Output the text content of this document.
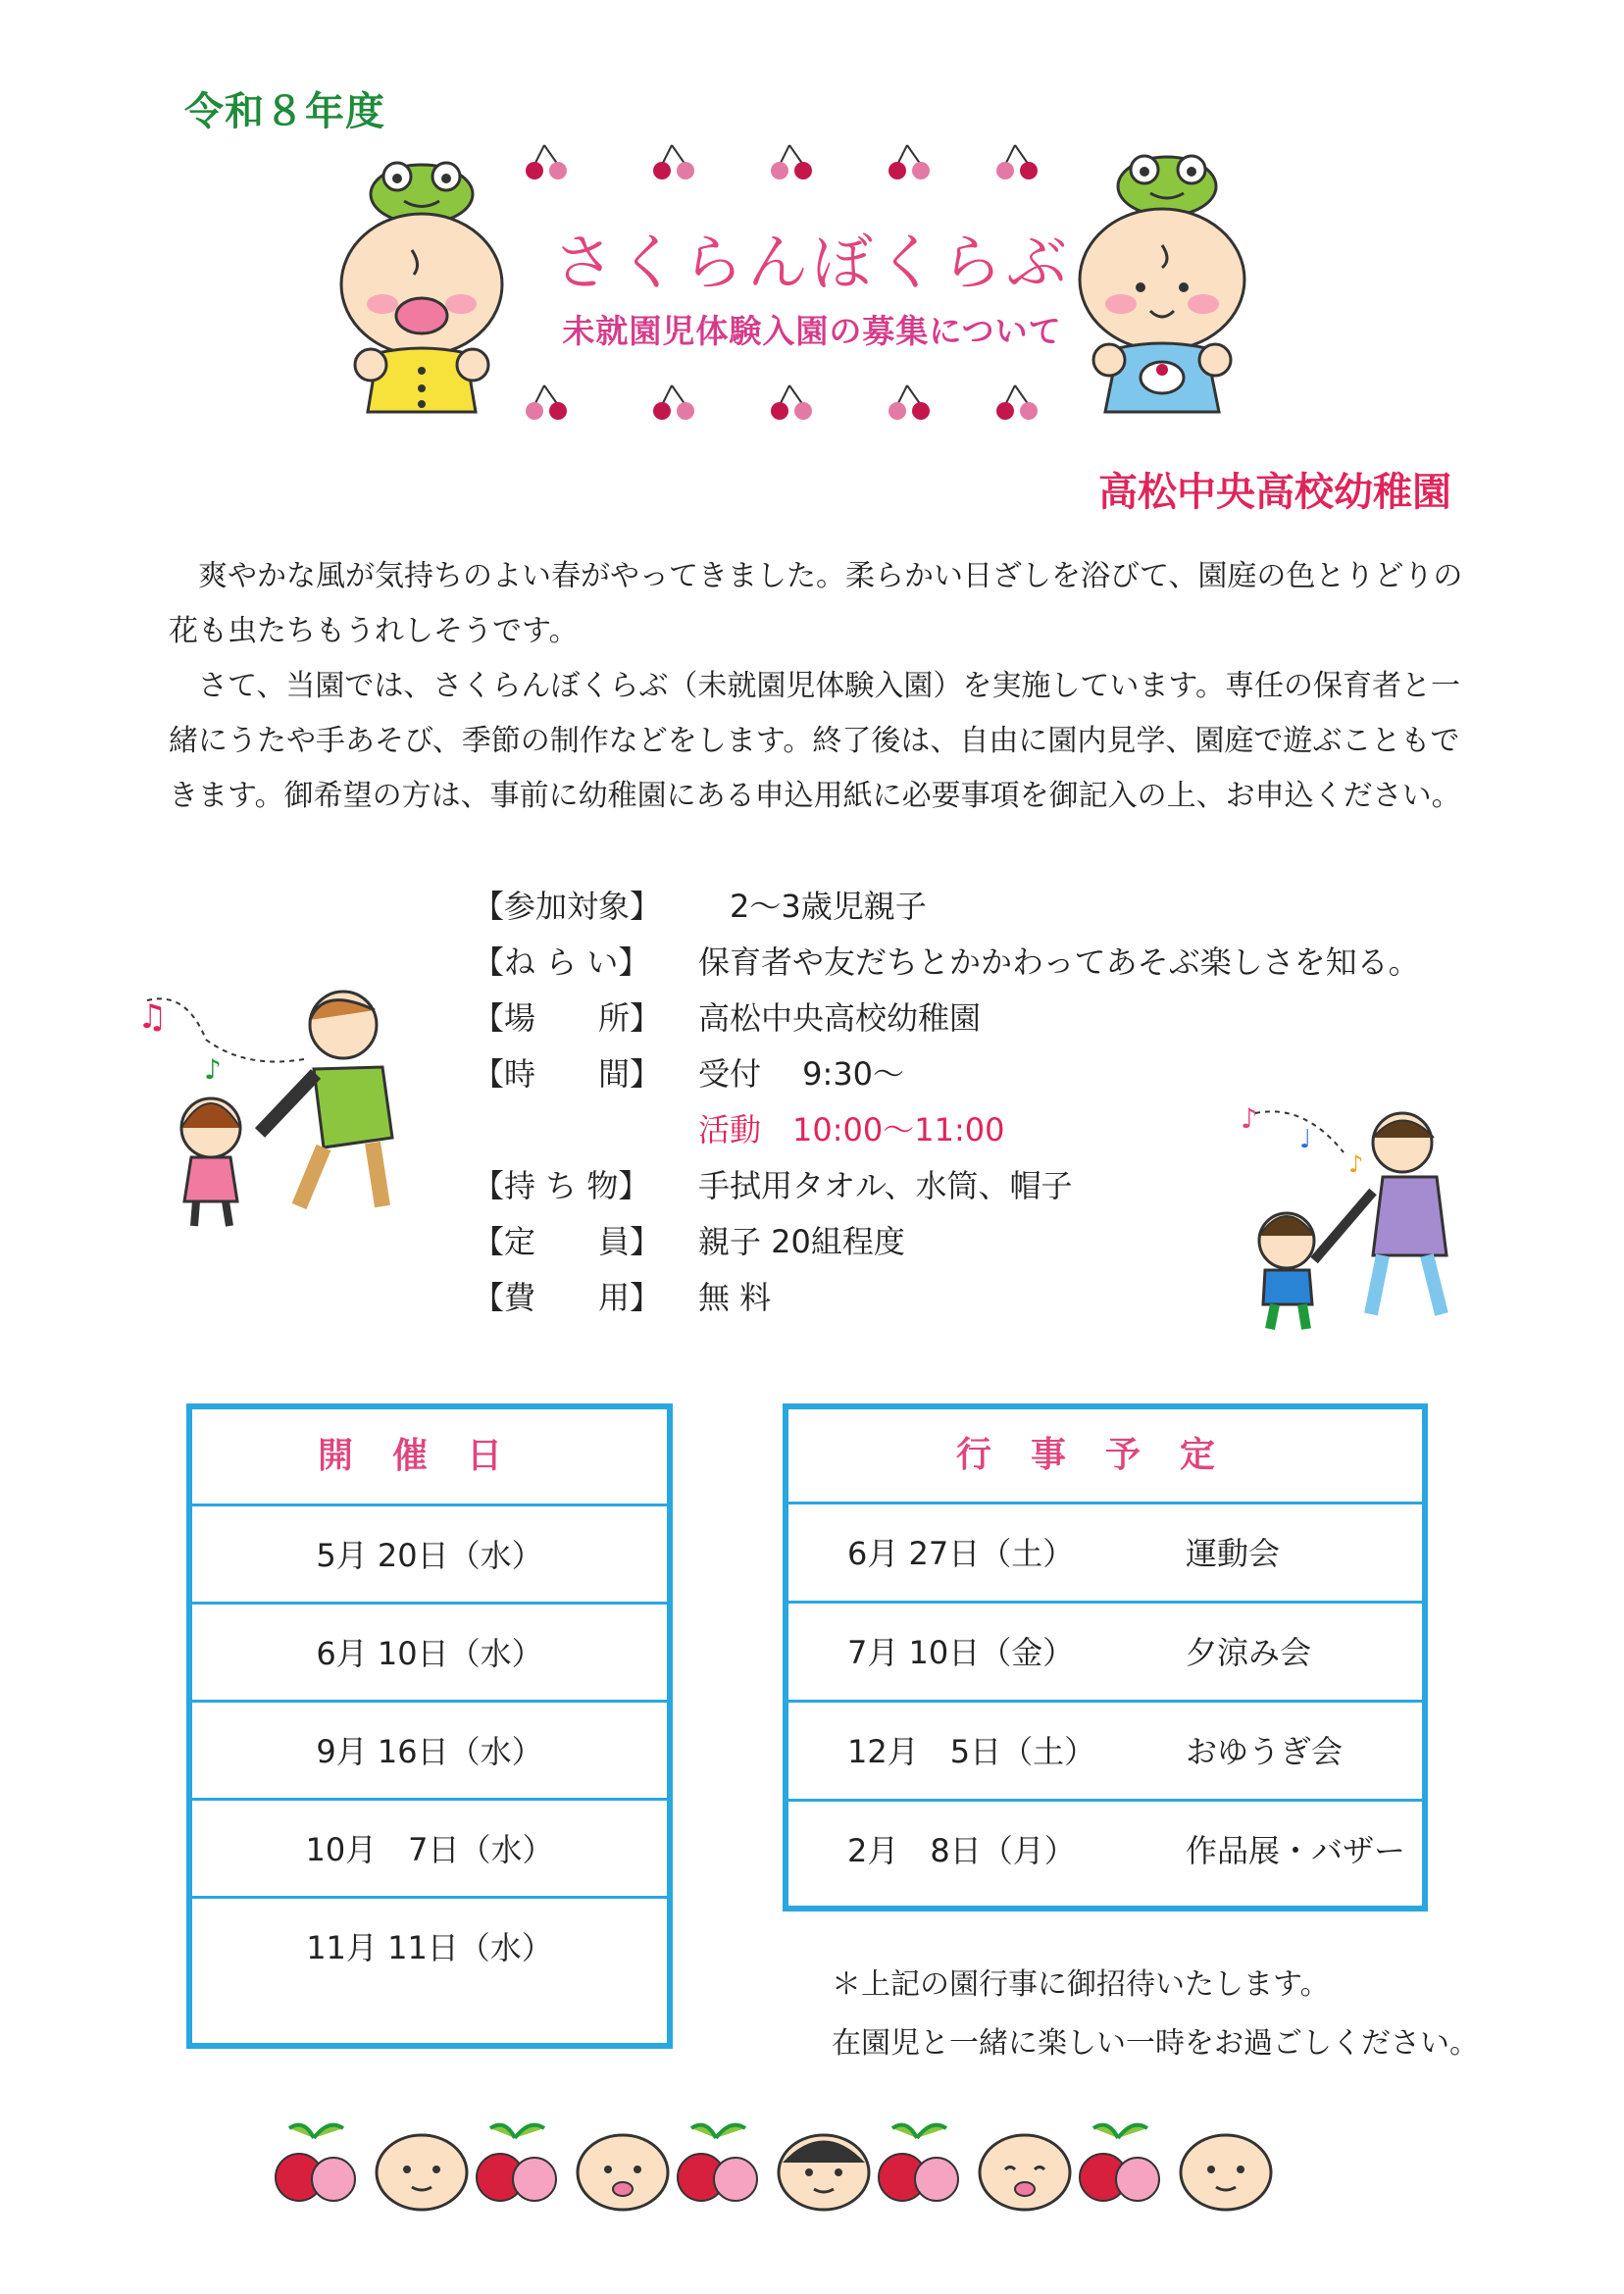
令和８年度
さくらんぼくらぶ
未就園児体験入園の募集について
高松中央高校幼稚園
　爽やかな風が気持ちのよい春がやってきました。柔らかい日ざしを浴びて、園庭の色とりどりの花も虫たちもうれしそうです。
　さて、当園では、さくらんぼくらぶ（未就園児体験入園）を実施しています。専任の保育者と一緒にうたや手あそび、季節の制作などをします。終了後は、自由に園内見学、園庭で遊ぶこともできます。御希望の方は、事前に幼稚園にある申込用紙に必要事項を御記入の上、お申込ください。
【参加対象】 　2～3歳児親子
【ね ら い】 保育者や友だちとかかわってあそぶ楽しさを知る。
【場　　所】 高松中央高校幼稚園
【時　　間】 受付　 9:30～
活動　10:00～11:00
【持 ち 物】 手拭用タオル、水筒、帽子
【定　　員】 親子 20組程度
【費　　用】 無 料
♫
♪
♪
♩
♪
開催日
5月 20日（水）
6月 10日（水）
9月 16日（水）
10月　7日（水）
11月 11日（水）
行事予定
6月 27日（土）	運動会
7月 10日（金）	夕涼み会
12月　5日（土）	おゆうぎ会
2月　8日（月）	作品展・バザー
＊上記の園行事に御招待いたします。
在園児と一緒に楽しい一時をお過ごしください。
